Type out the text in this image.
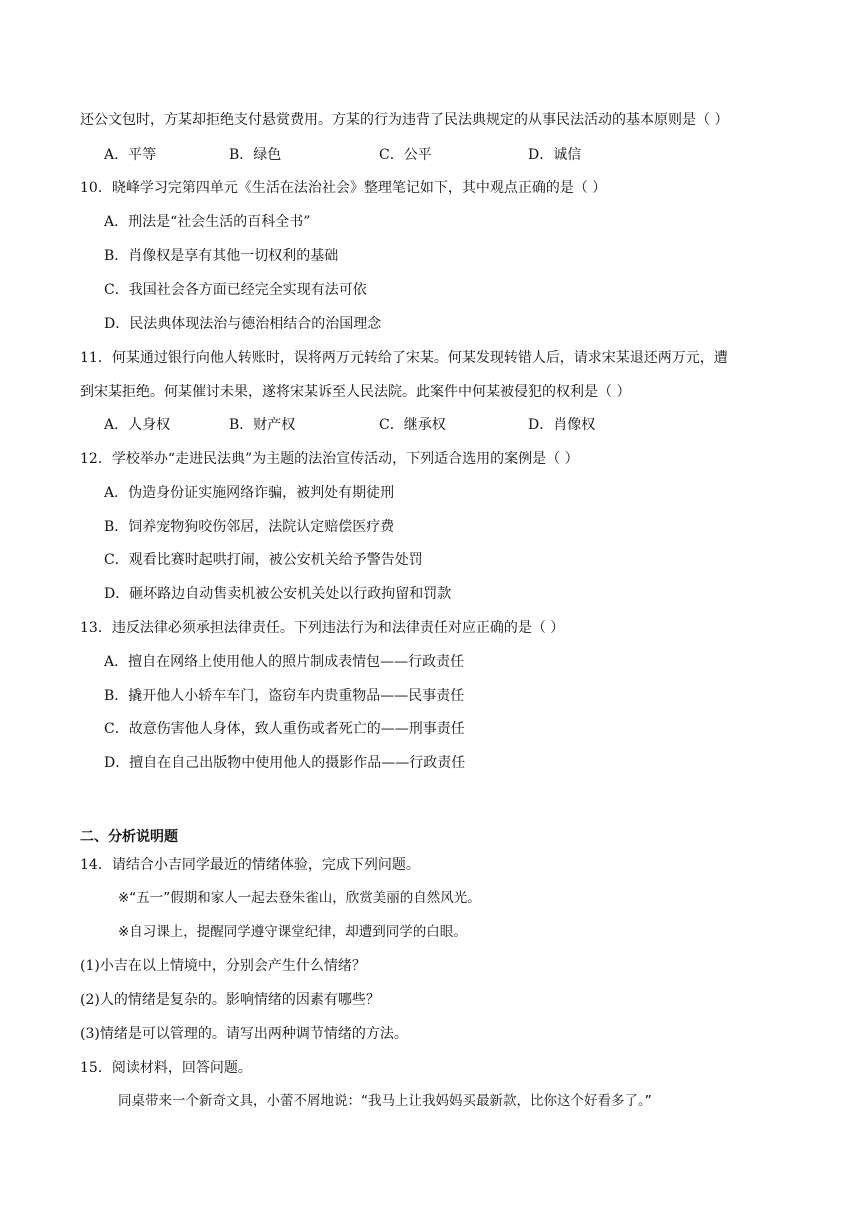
还公文包时，方某却拒绝支付悬赏费用。方某的行为违背了民法典规定的从事民法活动的基本原则是（ ）
A．平等	B．绿色	C．公平	D．诚信
10．晓峰学习完第四单元《生活在法治社会》整理笔记如下，其中观点正确的是（ ）
A．刑法是“社会生活的百科全书”
B．肖像权是享有其他一切权利的基础
C．我国社会各方面已经完全实现有法可依
D．民法典体现法治与德治相结合的治国理念
11．何某通过银行向他人转账时，误将两万元转给了宋某。何某发现转错人后，请求宋某退还两万元，遭
到宋某拒绝。何某催讨未果，遂将宋某诉至人民法院。此案件中何某被侵犯的权利是（ ）
A．人身权	B．财产权	C．继承权	D．肖像权
12．学校举办“走进民法典”为主题的法治宣传活动，下列适合选用的案例是（ ）
A．伪造身份证实施网络诈骗，被判处有期徒刑
B．饲养宠物狗咬伤邻居，法院认定赔偿医疗费
C．观看比赛时起哄打闹，被公安机关给予警告处罚
D．砸坏路边自动售卖机被公安机关处以行政拘留和罚款
13．违反法律必须承担法律责任。下列违法行为和法律责任对应正确的是（ ）
A．擅自在网络上使用他人的照片制成表情包——行政责任
B．撬开他人小轿车车门，盗窃车内贵重物品——民事责任
C．故意伤害他人身体，致人重伤或者死亡的——刑事责任
D．擅自在自己出版物中使用他人的摄影作品——行政责任
二、分析说明题
14．请结合小吉同学最近的情绪体验，完成下列问题。
※“五一”假期和家人一起去登朱雀山，欣赏美丽的自然风光。
※自习课上，提醒同学遵守课堂纪律，却遭到同学的白眼。
(1)小吉在以上情境中，分别会产生什么情绪？
(2)人的情绪是复杂的。影响情绪的因素有哪些？
(3)情绪是可以管理的。请写出两种调节情绪的方法。
15．阅读材料，回答问题。
同桌带来一个新奇文具，小蕾不屑地说：“我马上让我妈妈买最新款，比你这个好看多了。”
